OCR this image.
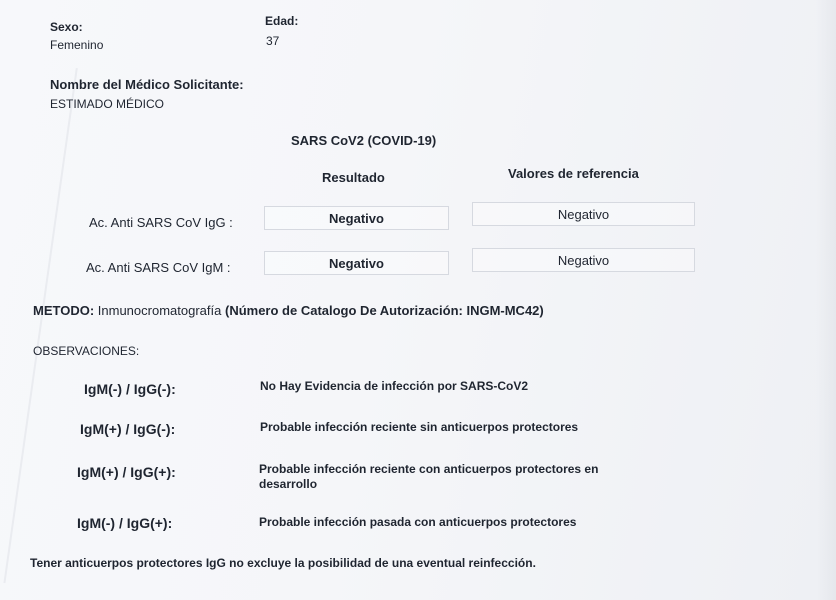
Sexo:
Femenino
Edad:
37
Nombre del Médico Solicitante:
ESTIMADO MÉDICO
SARS CoV2 (COVID-19)
Resultado	Valores de referencia
Ac. Anti SARS CoV IgG :	Negativo	Negativo
Ac. Anti SARS CoV IgM :	Negativo	Negativo
METODO: Inmunocromatografía (Número de Catalogo De Autorización: INGM-MC42)
OBSERVACIONES:
IgM(-) / IgG(-):	No Hay Evidencia de infección por SARS-CoV2
IgM(+) / IgG(-):	Probable infección reciente sin anticuerpos protectores
IgM(+) / IgG(+):	Probable infección reciente con anticuerpos protectores en
desarrollo
IgM(-) / IgG(+):	Probable infección pasada con anticuerpos protectores
Tener anticuerpos protectores IgG no excluye la posibilidad de una eventual reinfección.
